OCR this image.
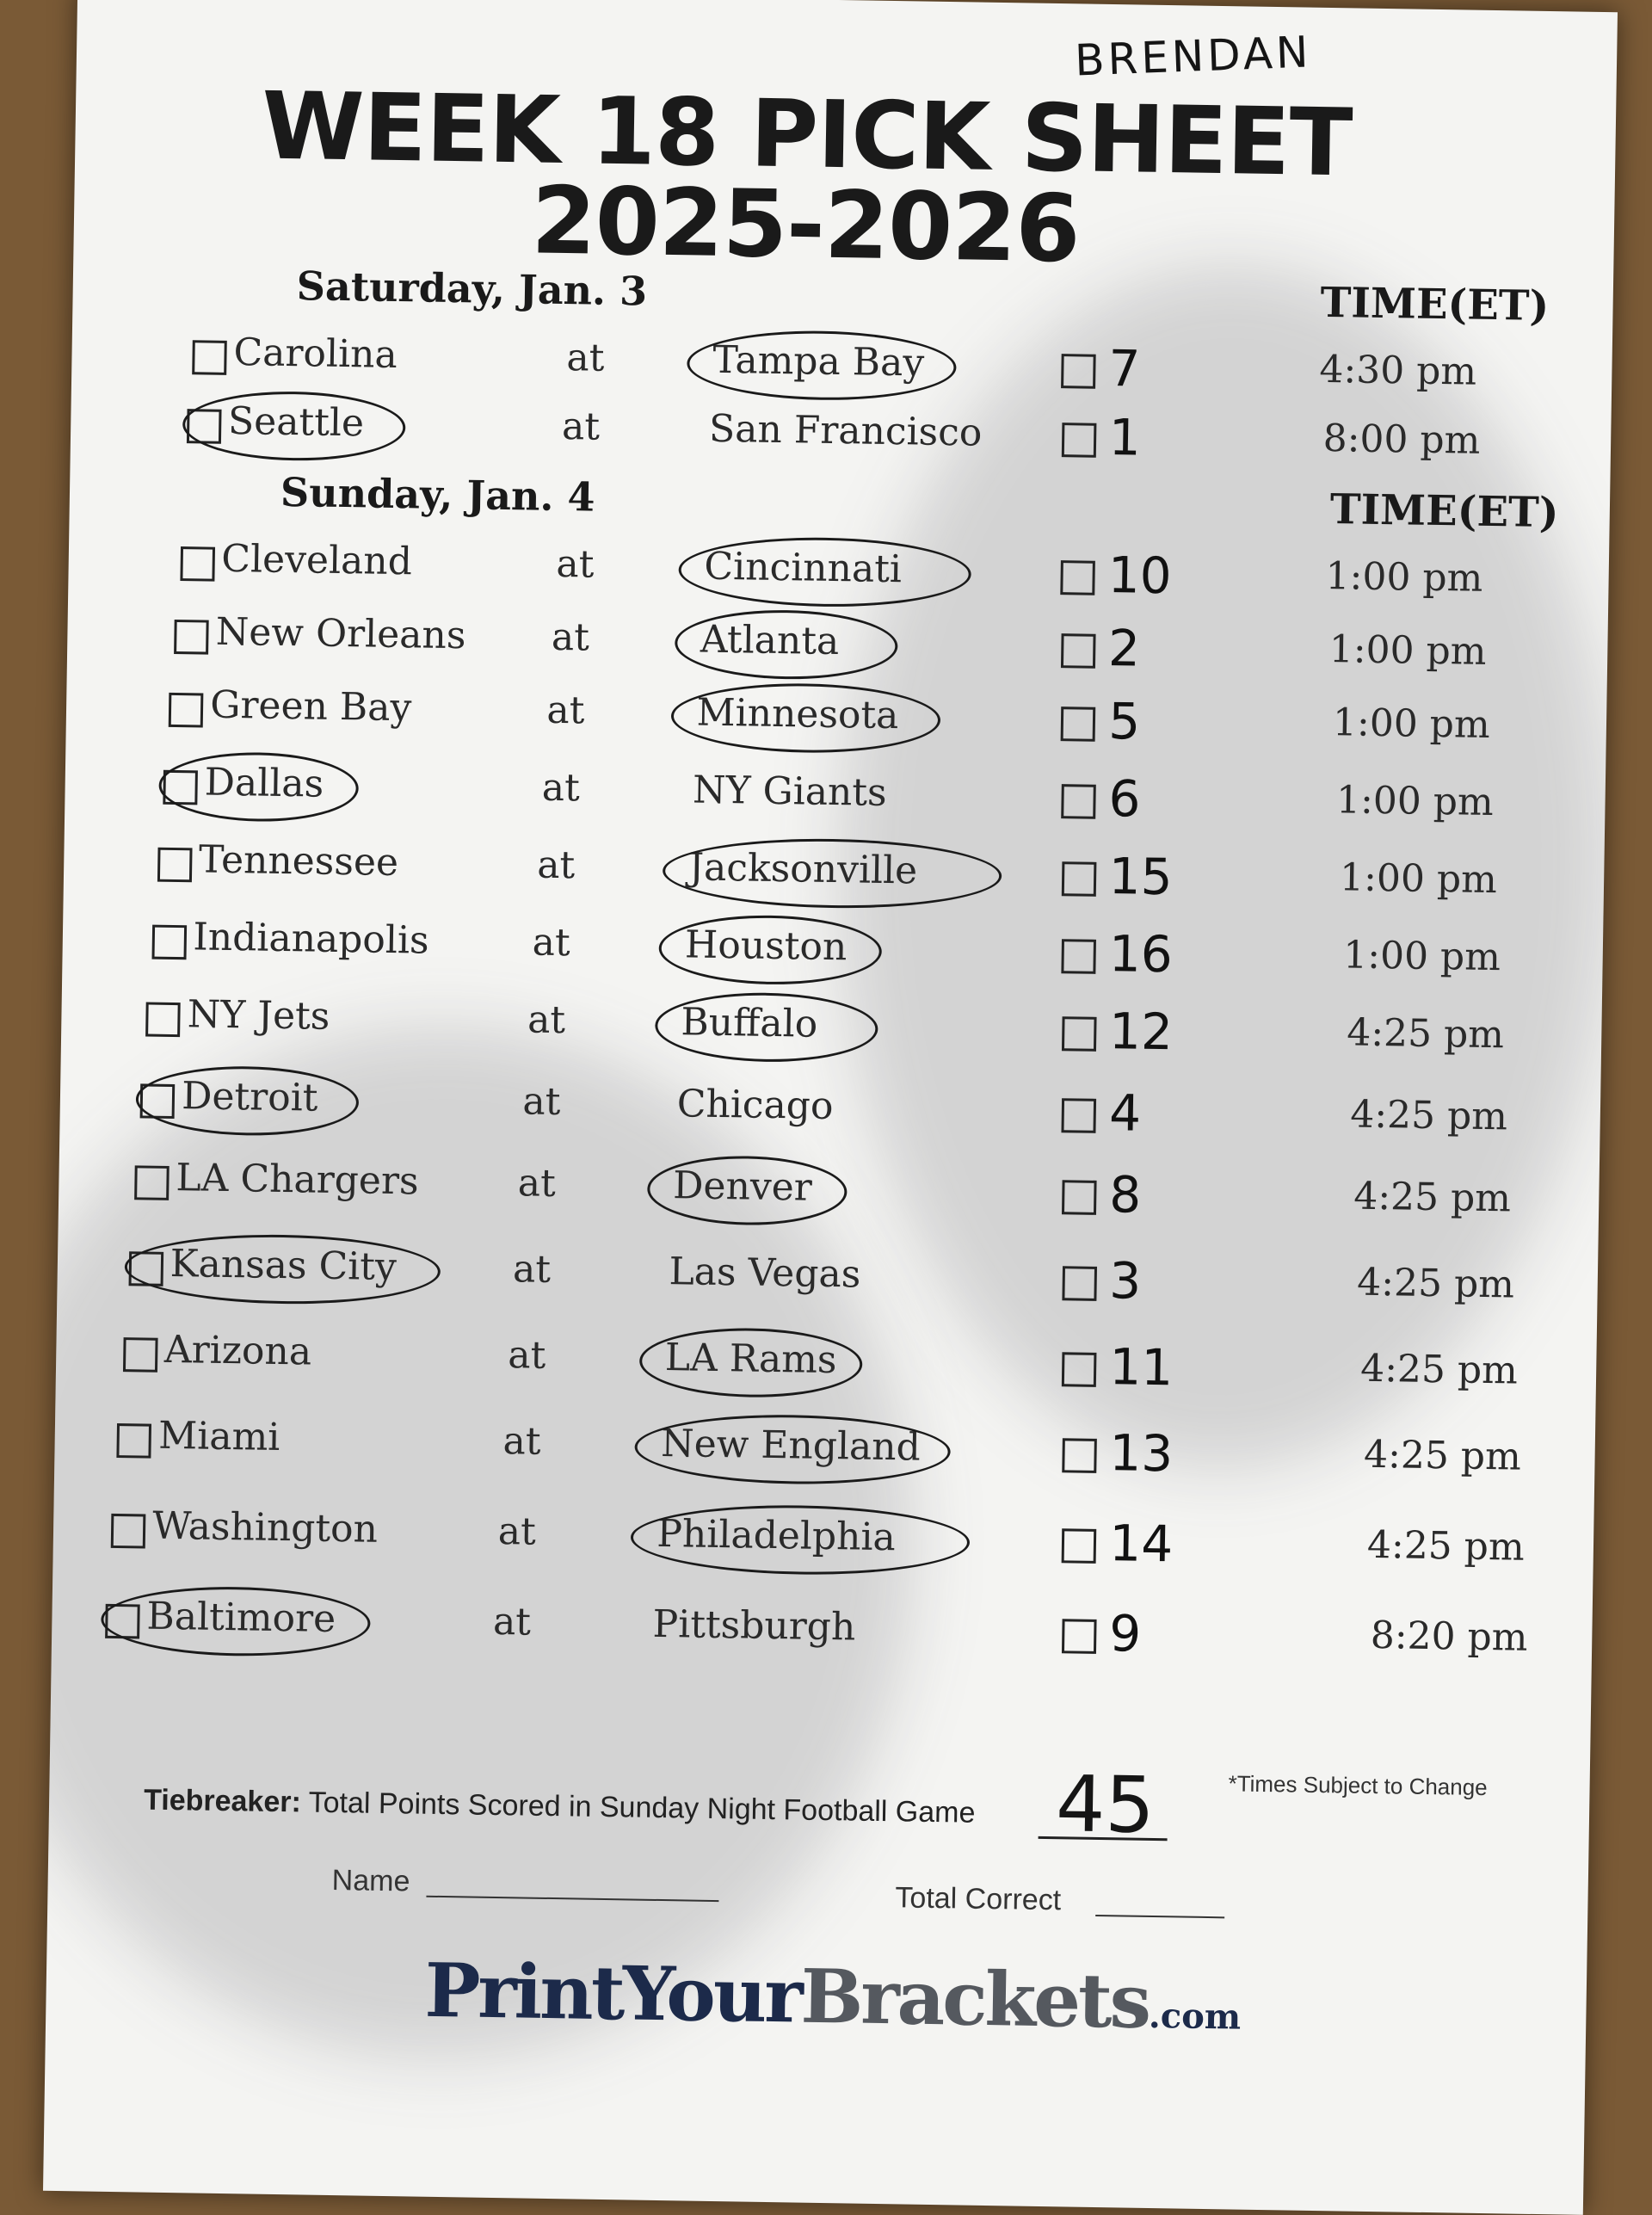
BRENDAN
WEEK 18 PICK SHEET
2025-2026
Saturday, Jan. 3	TIME(ET)
Sunday, Jan. 4	TIME(ET)
Carolina	at	Tampa Bay	7	4:30 pm
Seattle	at	San Francisco	1	8:00 pm
Cleveland	at	Cincinnati	10	1:00 pm
New Orleans at	Atlanta	2	1:00 pm
Green Bay	at	Minnesota	5	1:00 pm
Dallas	at	NY Giants	6	1:00 pm
Tennessee	at	Jacksonville	15	1:00 pm
Indianapolis	at	Houston	16	1:00 pm
NY Jets	at	Buffalo	12	4:25 pm
Detroit	at	Chicago	4	4:25 pm
LA Chargers	at	Denver	8	4:25 pm
Kansas City	at	Las Vegas	3	4:25 pm
Arizona	at	LA Rams	11	4:25 pm
Miami	at	New England	13	4:25 pm
Washington	at	Philadelphia	14	4:25 pm
Baltimore	at	Pittsburgh	9	8:20 pm
Tiebreaker: Total Points Scored in Sunday Night Football Game 45	*Times Subject to Change
Name
Total Correct
PrintYourBrackets.com
